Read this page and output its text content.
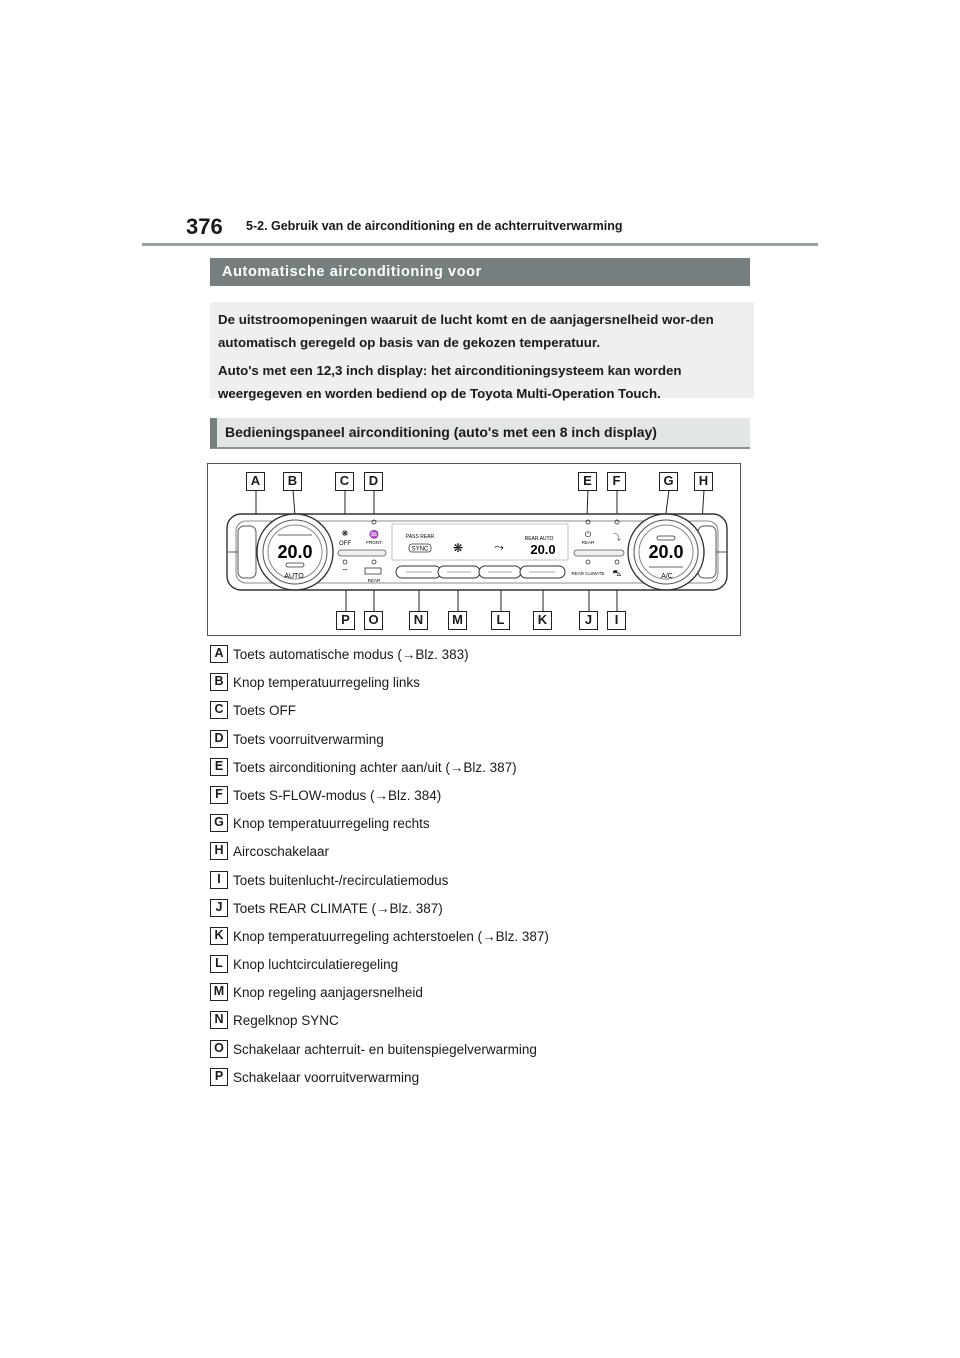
376 5-2. Gebruik van de airconditioning en de achterruitverwarming
Automatische airconditioning voor

De uitstroomopeningen waaruit de lucht komt en de aanjagersnelheid wor-den automatisch geregeld op basis van de gekozen temperatuur.

Auto's met een 12,3 inch display: het airconditioningsysteem kan worden weergegeven en worden bediend op de Toyota Multi-Operation Touch.

Bedieningspaneel airconditioning (auto's met een 8 inch display)
20.0
AUTO
20.0
A/C
❋
OFF
♒
FRONT
⌔
REAR
PASS REAR
SYNC ❋	⤳
REAR AUTO
20.0
⏻
REAR
⤵
REAR CLIMATE ⛍
A	B	C	D	E	F	G	H
P	O	N	M	L	K	J	I
A Toets automatische modus (→Blz. 383)
B Knop temperatuurregeling links
C Toets OFF
D Toets voorruitverwarming
E Toets airconditioning achter aan/uit (→Blz. 387)
F Toets S-FLOW-modus (→Blz. 384)
G Knop temperatuurregeling rechts
H Aircoschakelaar
I Toets buitenlucht-/recirculatiemodus
J Toets REAR CLIMATE (→Blz. 387)
K Knop temperatuurregeling achterstoelen (→Blz. 387)
L Knop luchtcirculatieregeling
M Knop regeling aanjagersnelheid
N Regelknop SYNC
O Schakelaar achterruit- en buitenspiegelverwarming
P Schakelaar voorruitverwarming
